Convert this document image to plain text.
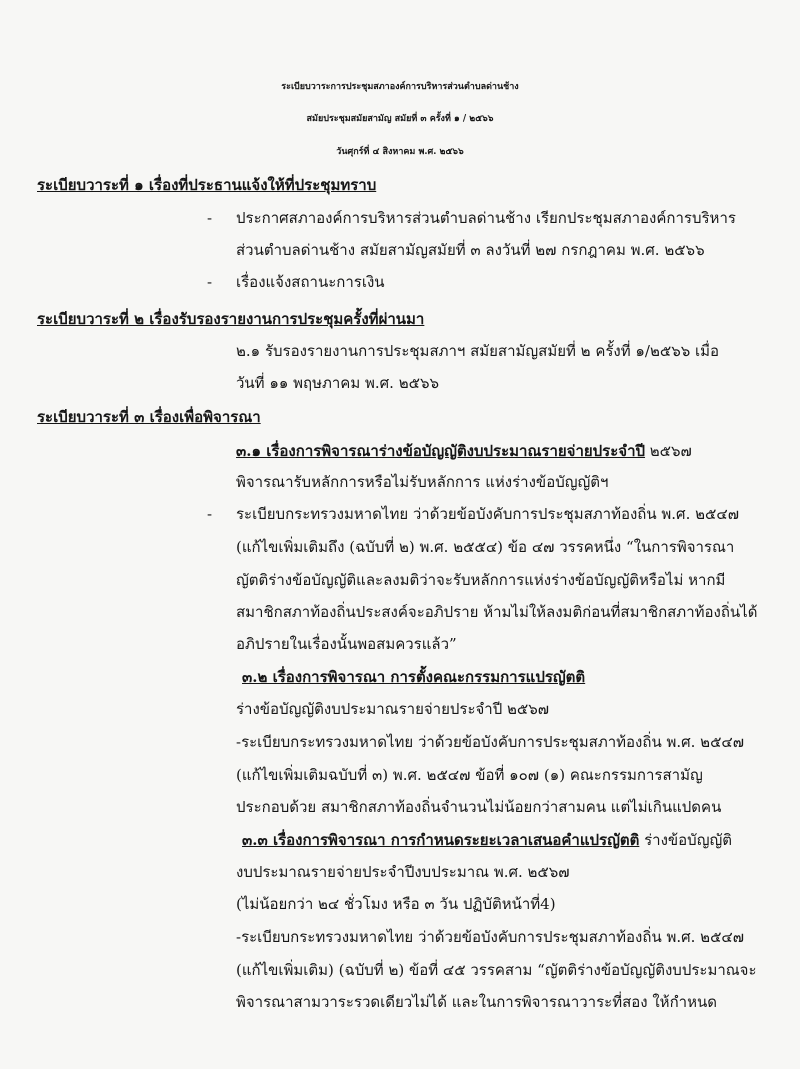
ระเบียบวาระการประชุมสภาองค์การบริหารส่วนตำบลด่านช้าง
สมัยประชุมสมัยสามัญ สมัยที่ ๓ ครั้งที่ ๑ / ๒๕๖๖
วันศุกร์ที่ ๔ สิงหาคม พ.ศ. ๒๕๖๖
ระเบียบวาระที่ ๑ เรื่องที่ประธานแจ้งให้ที่ประชุมทราบ
- ประกาศสภาองค์การบริหารส่วนตำบลด่านช้าง เรียกประชุมสภาองค์การบริหาร
ส่วนตำบลด่านช้าง สมัยสามัญสมัยที่ ๓ ลงวันที่ ๒๗ กรกฎาคม พ.ศ. ๒๕๖๖
- เรื่องแจ้งสถานะการเงิน
ระเบียบวาระที่ ๒ เรื่องรับรองรายงานการประชุมครั้งที่ผ่านมา
๒.๑ รับรองรายงานการประชุมสภาฯ สมัยสามัญสมัยที่ ๒ ครั้งที่ ๑/๒๕๖๖ เมื่อ
วันที่ ๑๑ พฤษภาคม พ.ศ. ๒๕๖๖
ระเบียบวาระที่ ๓ เรื่องเพื่อพิจารณา
๓.๑ เรื่องการพิจารณาร่างข้อบัญญัติงบประมาณรายจ่ายประจำปี ๒๕๖๗
พิจารณารับหลักการหรือไม่รับหลักการ แห่งร่างข้อบัญญัติฯ
- ระเบียบกระทรวงมหาดไทย ว่าด้วยข้อบังคับการประชุมสภาท้องถิ่น พ.ศ. ๒๕๔๗
(แก้ไขเพิ่มเติมถึง (ฉบับที่ ๒) พ.ศ. ๒๕๕๔) ข้อ ๔๗ วรรคหนึ่ง “ในการพิจารณา
ญัตติร่างข้อบัญญัติและลงมติว่าจะรับหลักการแห่งร่างข้อบัญญัติหรือไม่ หากมี
สมาชิกสภาท้องถิ่นประสงค์จะอภิปราย ห้ามไม่ให้ลงมติก่อนที่สมาชิกสภาท้องถิ่นได้
อภิปรายในเรื่องนั้นพอสมควรแล้ว”
๓.๒ เรื่องการพิจารณา การตั้งคณะกรรมการแปรญัตติ
ร่างข้อบัญญัติงบประมาณรายจ่ายประจำปี ๒๕๖๗
-ระเบียบกระทรวงมหาดไทย ว่าด้วยข้อบังคับการประชุมสภาท้องถิ่น พ.ศ. ๒๕๔๗
(แก้ไขเพิ่มเติมฉบับที่ ๓) พ.ศ. ๒๕๔๗ ข้อที่ ๑๐๗ (๑) คณะกรรมการสามัญ
ประกอบด้วย สมาชิกสภาท้องถิ่นจำนวนไม่น้อยกว่าสามคน แต่ไม่เกินแปดคน
๓.๓ เรื่องการพิจารณา การกำหนดระยะเวลาเสนอคำแปรญัตติ ร่างข้อบัญญัติ
งบประมาณรายจ่ายประจำปีงบประมาณ พ.ศ. ๒๕๖๗
(ไม่น้อยกว่า ๒๔ ชั่วโมง หรือ ๓ วัน ปฏิบัติหน้าที่4)
-ระเบียบกระทรวงมหาดไทย ว่าด้วยข้อบังคับการประชุมสภาท้องถิ่น พ.ศ. ๒๕๔๗
(แก้ไขเพิ่มเติม) (ฉบับที่ ๒) ข้อที่ ๔๕ วรรคสาม “ญัตติร่างข้อบัญญัติงบประมาณจะ
พิจารณาสามวาระรวดเดียวไม่ได้ และในการพิจารณาวาระที่สอง ให้กำหนด
